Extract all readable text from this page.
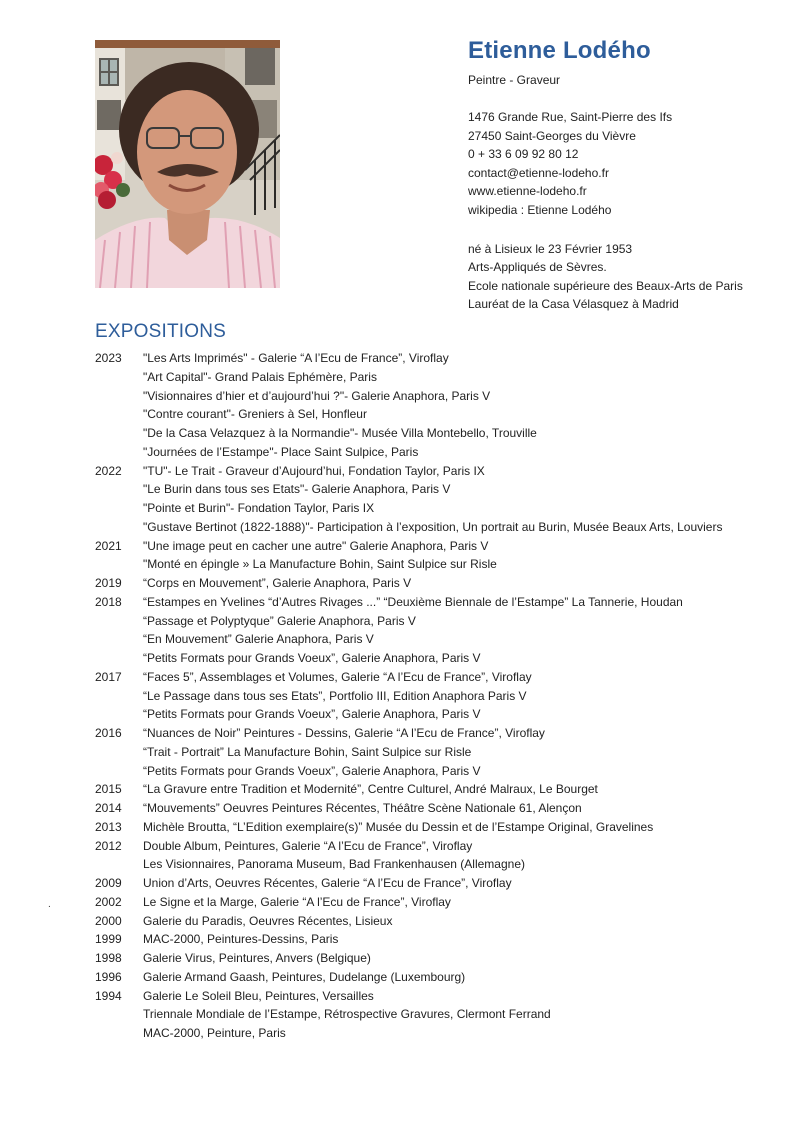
Etienne Lodého
Peintre - Graveur
1476 Grande Rue, Saint-Pierre des Ifs
27450 Saint-Georges du Vièvre
0 + 33 6 09 92 80 12
contact@etienne-lodeho.fr
www.etienne-lodeho.fr
wikipedia : Etienne Lodého
né à Lisieux le 23 Février 1953
Arts-Appliqués de Sèvres.
Ecole nationale supérieure des Beaux-Arts de Paris
Lauréat de la Casa Vélasquez à Madrid
EXPOSITIONS
2023	"Les Arts Imprimés" - Galerie “A l’Ecu de France”, Viroflay
"Art Capital"- Grand Palais Ephémère, Paris
"Visionnaires d’hier et d’aujourd’hui ?"- Galerie Anaphora, Paris V
"Contre courant"- Greniers à Sel, Honfleur
"De la Casa Velazquez à la Normandie"- Musée Villa Montebello, Trouville
"Journées de l’Estampe"- Place Saint Sulpice, Paris
2022	"TU"- Le Trait - Graveur d’Aujourd’hui, Fondation Taylor, Paris IX
"Le Burin dans tous ses Etats"- Galerie Anaphora, Paris V
"Pointe et Burin"- Fondation Taylor, Paris IX
"Gustave Bertinot (1822-1888)"- Participation à l’exposition, Un portrait au Burin, Musée Beaux Arts, Louviers
2021	"Une image peut en cacher une autre" Galerie Anaphora, Paris V
"Monté en épingle » La Manufacture Bohin, Saint Sulpice sur Risle
2019	“Corps en Mouvement”, Galerie Anaphora, Paris V
2018	“Estampes en Yvelines “d’Autres Rivages ...” “Deuxième Biennale de l’Estampe” La Tannerie, Houdan
“Passage et Polyptyque” Galerie Anaphora, Paris V
“En Mouvement” Galerie Anaphora, Paris V
“Petits Formats pour Grands Voeux”, Galerie Anaphora, Paris V
2017	“Faces 5”, Assemblages et Volumes, Galerie “A l’Ecu de France”, Viroflay
“Le Passage dans tous ses Etats”, Portfolio III, Edition Anaphora Paris V
“Petits Formats pour Grands Voeux”, Galerie Anaphora, Paris V
2016	“Nuances de Noir” Peintures - Dessins, Galerie “A l’Ecu de France”, Viroflay
“Trait - Portrait” La Manufacture Bohin, Saint Sulpice sur Risle
“Petits Formats pour Grands Voeux”, Galerie Anaphora, Paris V
2015	“La Gravure entre Tradition et Modernité”, Centre Culturel, André Malraux, Le Bourget
2014	“Mouvements” Oeuvres Peintures Récentes, Théâtre Scène Nationale 61, Alençon
2013	Michèle Broutta, “L’Edition exemplaire(s)” Musée du Dessin et de l’Estampe Original, Gravelines
2012	Double Album, Peintures, Galerie “A l’Ecu de France”, Viroflay
Les Visionnaires, Panorama Museum, Bad Frankenhausen (Allemagne)
2009	Union d’Arts, Oeuvres Récentes, Galerie “A l’Ecu de France”, Viroflay
2002	Le Signe et la Marge, Galerie “A l’Ecu de France”, Viroflay
2000	Galerie du Paradis, Oeuvres Récentes, Lisieux
1999	MAC-2000, Peintures-Dessins, Paris
1998	Galerie Virus, Peintures, Anvers (Belgique)
1996	Galerie Armand Gaash, Peintures, Dudelange (Luxembourg)
1994	Galerie Le Soleil Bleu, Peintures, Versailles
Triennale Mondiale de l’Estampe, Rétrospective Gravures, Clermont Ferrand
MAC-2000, Peinture, Paris
.
